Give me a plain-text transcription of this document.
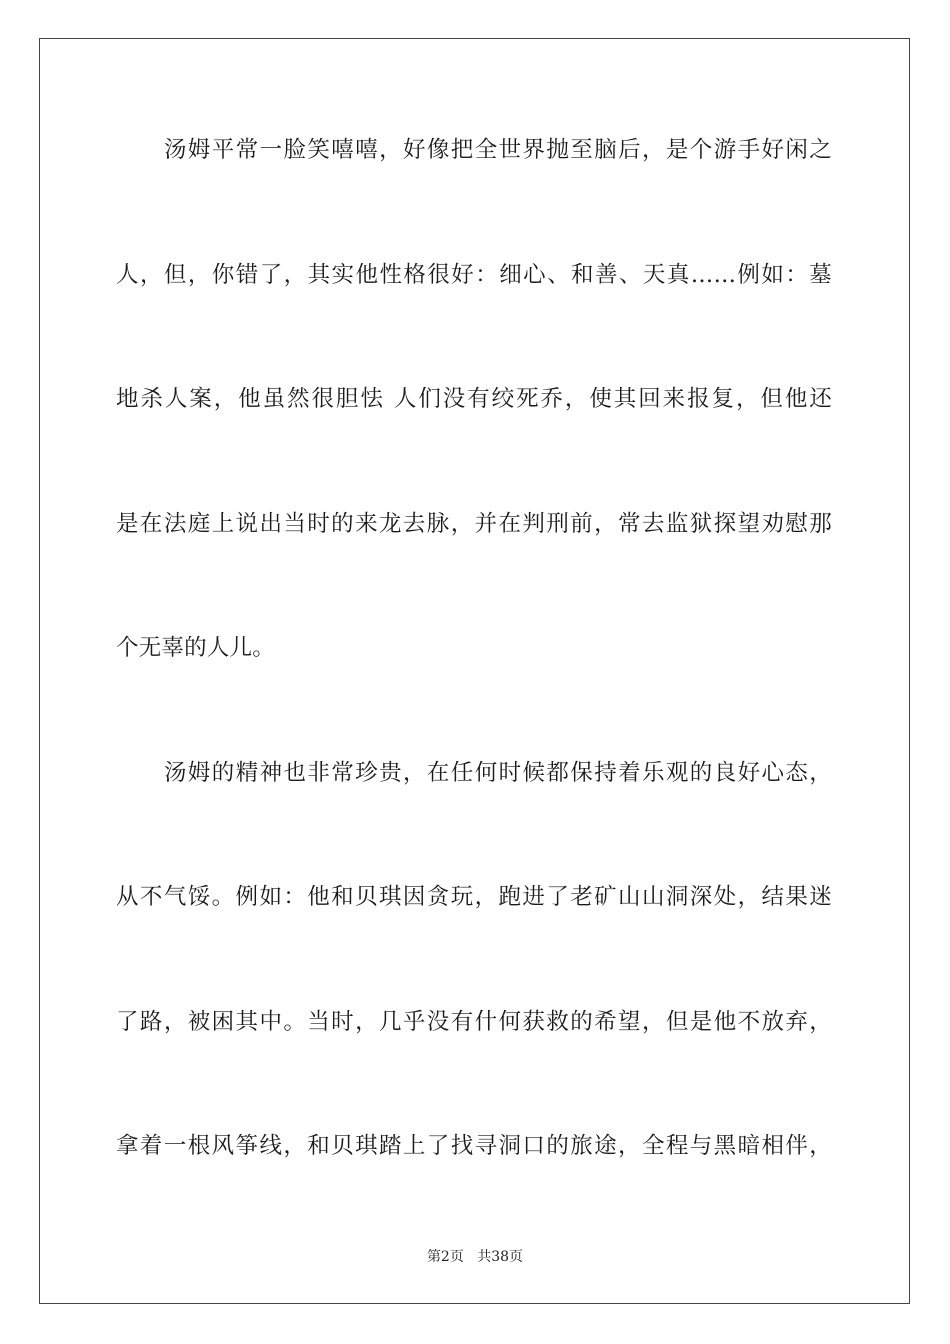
汤姆平常一脸笑嘻嘻，好像把全世界抛至脑后，是个游手好闲之
人，但，你错了，其实他性格很好：细心、和善、天真……例如：墓
地杀人案，他虽然很胆怯 人们没有绞死乔，使其回来报复，但他还
是在法庭上说出当时的来龙去脉，并在判刑前，常去监狱探望劝慰那
个无辜的人儿。
汤姆的精神也非常珍贵，在任何时候都保持着乐观的良好心态，
从不气馁。例如：他和贝琪因贪玩，跑进了老矿山山洞深处，结果迷
了路，被困其中。当时，几乎没有什何获救的希望，但是他不放弃，
拿着一根风筝线，和贝琪踏上了找寻洞口的旅途，全程与黑暗相伴，
第2页 共38页
